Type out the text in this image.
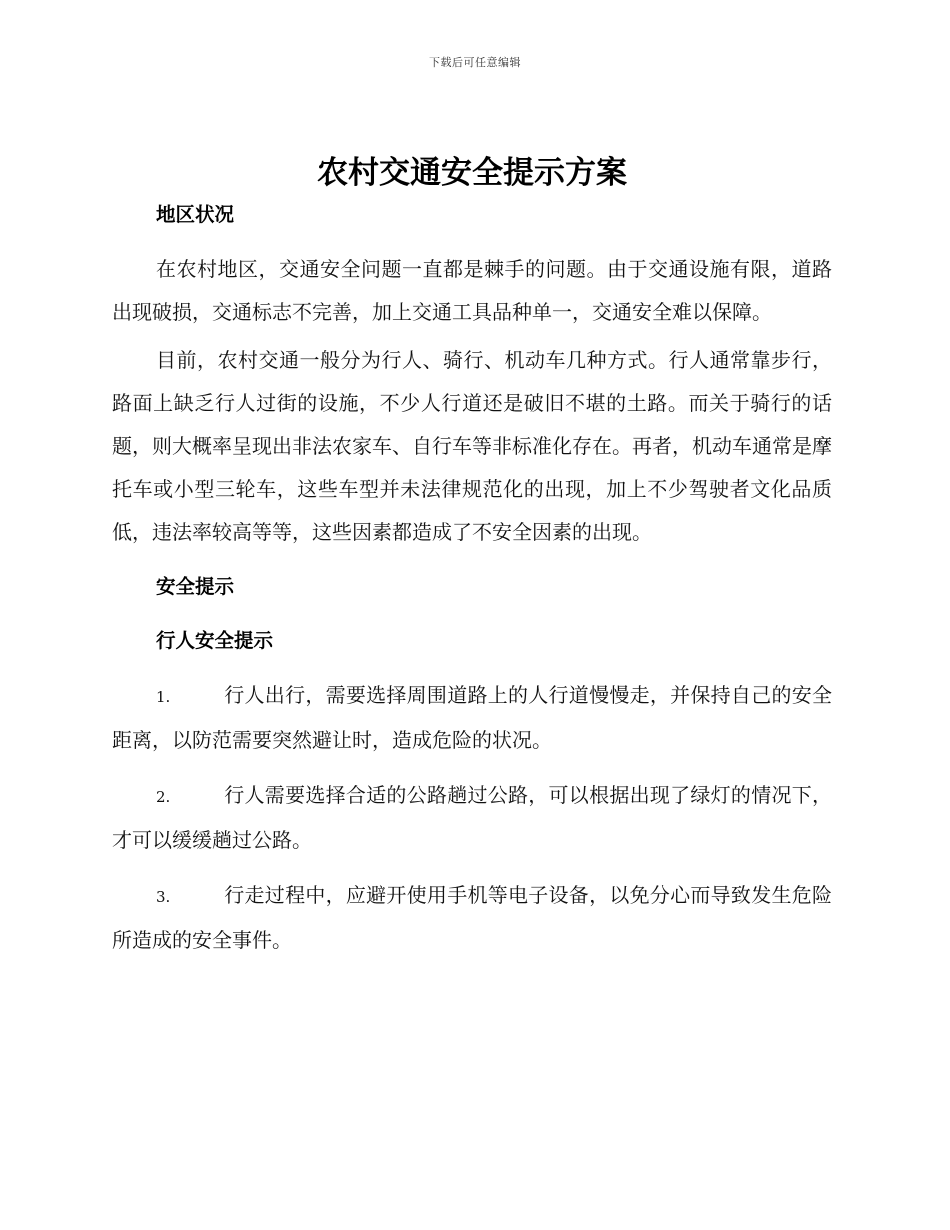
下载后可任意编辑
农村交通安全提示方案
地区状况

在农村地区，交通安全问题一直都是棘手的问题。由于交通设施有限，道路出现破损，交通标志不完善，加上交通工具品种单一，交通安全难以保障。

目前，农村交通一般分为行人、骑行、机动车几种方式。行人通常靠步行，路面上缺乏行人过街的设施，不少人行道还是破旧不堪的土路。而关于骑行的话题，则大概率呈现出非法农家车、自行车等非标准化存在。再者，机动车通常是摩托车或小型三轮车，这些车型并未法律规范化的出现，加上不少驾驶者文化品质低，违法率较高等等，这些因素都造成了不安全因素的出现。

安全提示
行人安全提示

1.	行人出行，需要选择周围道路上的人行道慢慢走，并保持自己的安全距离，以防范需要突然避让时，造成危险的状况。

2.	行人需要选择合适的公路趟过公路，可以根据出现了绿灯的情况下，才可以缓缓趟过公路。

3.	行走过程中，应避开使用手机等电子设备，以免分心而导致发生危险所造成的安全事件。
